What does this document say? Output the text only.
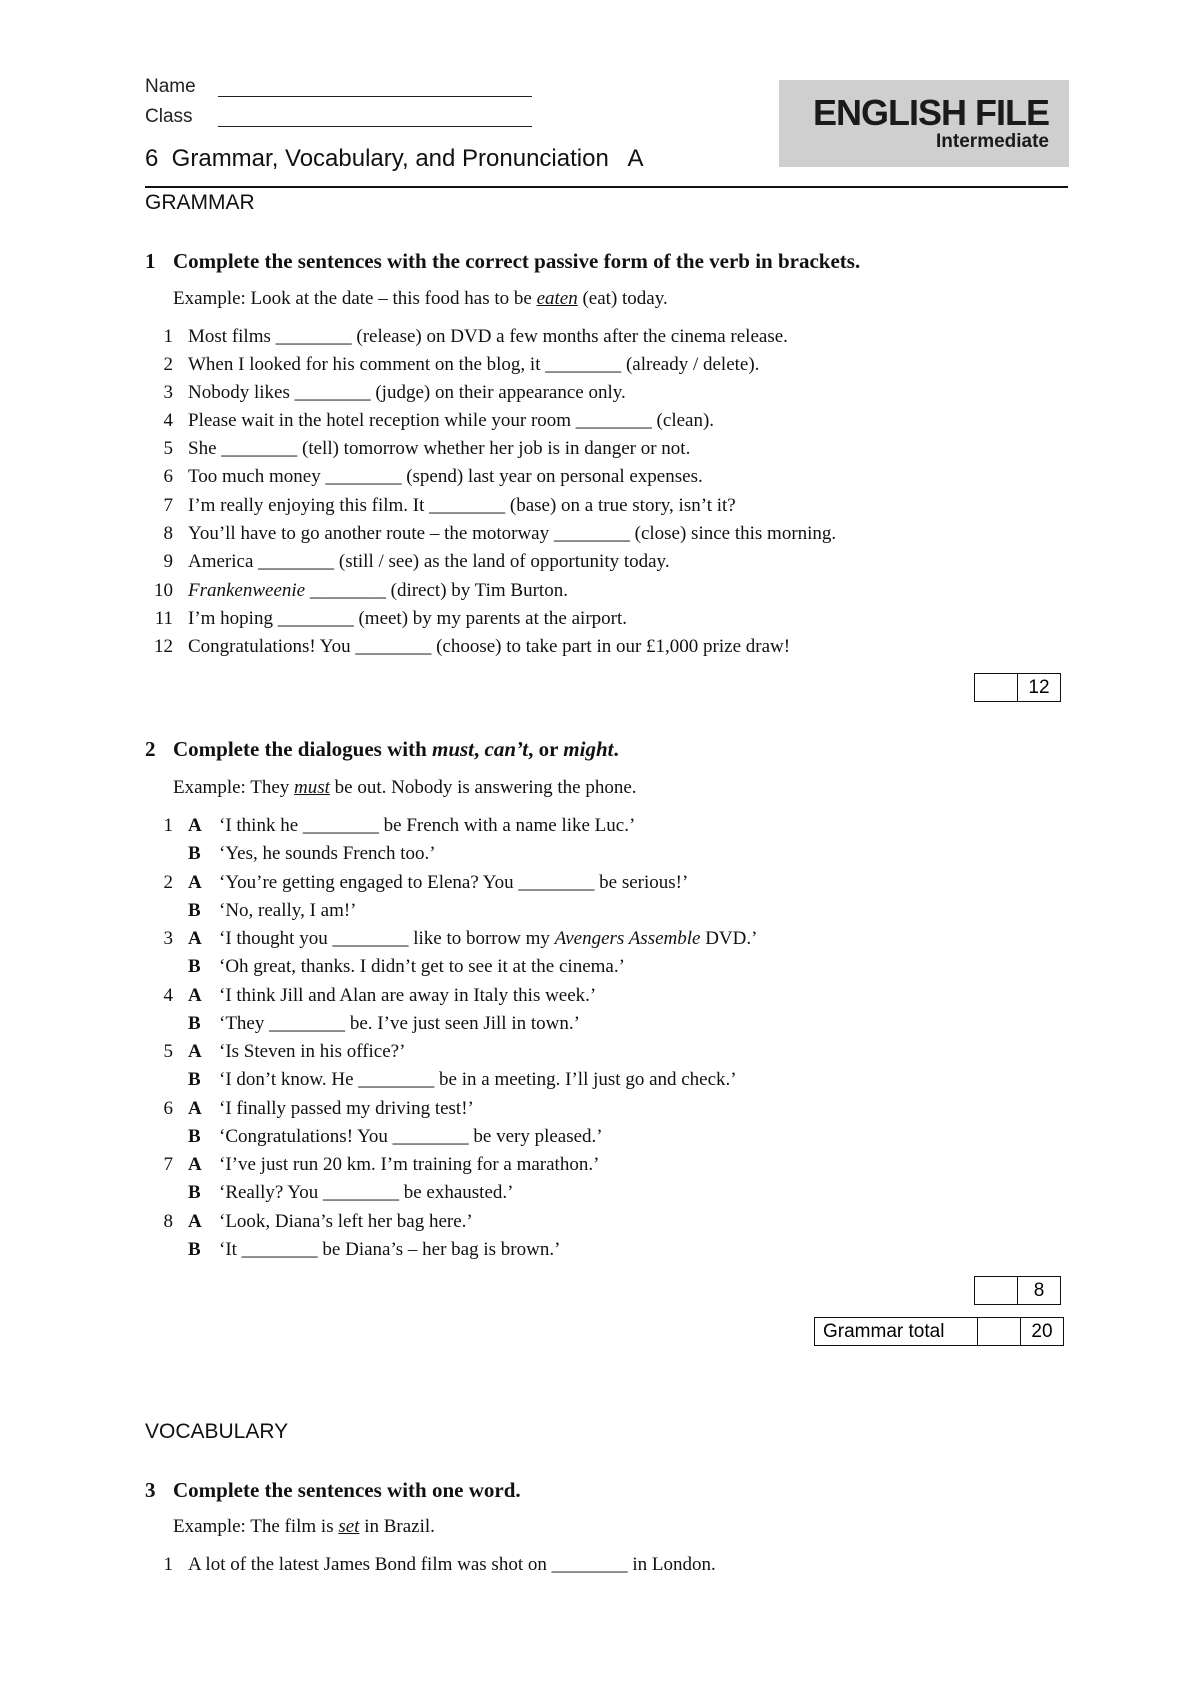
Name
Class	ENGLISH FILE
Intermediate
6  Grammar, Vocabulary, and Pronunciation   A
GRAMMAR
1 Complete the sentences with the correct passive form of the verb in brackets.
Example: Look at the date – this food has to be eaten (eat) today.
1 Most films ________ (release) on DVD a few months after the cinema release.
2 When I looked for his comment on the blog, it ________ (already / delete).
3 Nobody likes ________ (judge) on their appearance only.
4 Please wait in the hotel reception while your room ________ (clean).
5 She ________ (tell) tomorrow whether her job is in danger or not.
6 Too much money ________ (spend) last year on personal expenses.
7 I’m really enjoying this film. It ________ (base) on a true story, isn’t it?
8 You’ll have to go another route – the motorway ________ (close) since this morning.
9 America ________ (still / see) as the land of opportunity today.
10 Frankenweenie ________ (direct) by Tim Burton.
11 I’m hoping ________ (meet) by my parents at the airport.
12 Congratulations! You ________ (choose) to take part in our £1,000 prize draw!
12
2 Complete the dialogues with must, can’t, or might.
Example: They must be out. Nobody is answering the phone.
1 A ‘I think he ________ be French with a name like Luc.’
B ‘Yes, he sounds French too.’
2 A ‘You’re getting engaged to Elena? You ________ be serious!’
B ‘No, really, I am!’
3 A ‘I thought you ________ like to borrow my Avengers Assemble DVD.’
B ‘Oh great, thanks. I didn’t get to see it at the cinema.’
4 A ‘I think Jill and Alan are away in Italy this week.’
B ‘They ________ be. I’ve just seen Jill in town.’
5 A ‘Is Steven in his office?’
B ‘I don’t know. He ________ be in a meeting. I’ll just go and check.’
6 A ‘I finally passed my driving test!’
B ‘Congratulations! You ________ be very pleased.’
7 A ‘I’ve just run 20 km. I’m training for a marathon.’
B ‘Really? You ________ be exhausted.’
8 A ‘Look, Diana’s left her bag here.’
B ‘It ________ be Diana’s – her bag is brown.’
8
Grammar total	20
VOCABULARY
3 Complete the sentences with one word.
Example: The film is set in Brazil.
1 A lot of the latest James Bond film was shot on ________ in London.
